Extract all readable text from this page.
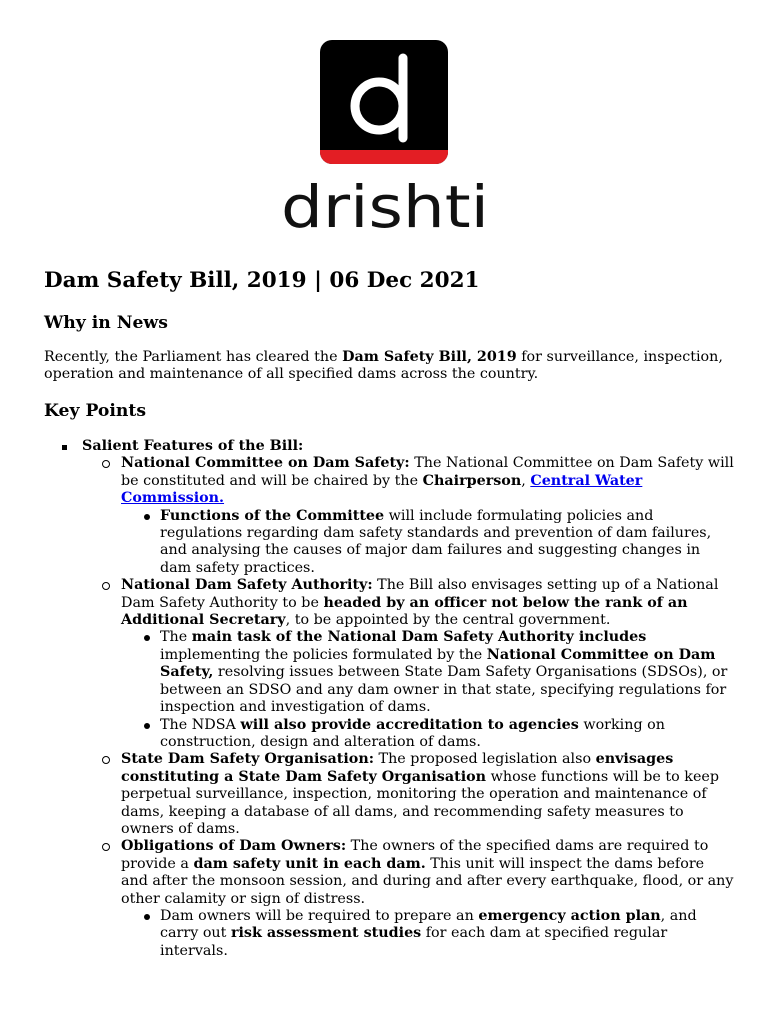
drishti
Dam Safety Bill, 2019 | 06 Dec 2021
Why in News

Recently, the Parliament has cleared the Dam Safety Bill, 2019 for surveillance, inspection, operation and maintenance of all specified dams across the country.

Key Points
Salient Features of the Bill:
National Committee on Dam Safety: The National Committee on Dam Safety will be constituted and will be chaired by the Chairperson, Central Water Commission.
Functions of the Committee will include formulating policies and regulations regarding dam safety standards and prevention of dam failures, and analysing the causes of major dam failures and suggesting changes in dam safety practices.
National Dam Safety Authority: The Bill also envisages setting up of a National Dam Safety Authority to be headed by an officer not below the rank of an Additional Secretary, to be appointed by the central government.
The main task of the National Dam Safety Authority includes implementing the policies formulated by the National Committee on Dam Safety, resolving issues between State Dam Safety Organisations (SDSOs), or between an SDSO and any dam owner in that state, specifying regulations for inspection and investigation of dams.
The NDSA will also provide accreditation to agencies working on construction, design and alteration of dams.
State Dam Safety Organisation: The proposed legislation also envisages constituting a State Dam Safety Organisation whose functions will be to keep perpetual surveillance, inspection, monitoring the operation and maintenance of dams, keeping a database of all dams, and recommending safety measures to owners of dams.
Obligations of Dam Owners: The owners of the specified dams are required to provide a dam safety unit in each dam. This unit will inspect the dams before and after the monsoon session, and during and after every earthquake, flood, or any other calamity or sign of distress.
Dam owners will be required to prepare an emergency action plan, and carry out risk assessment studies for each dam at specified regular intervals.
